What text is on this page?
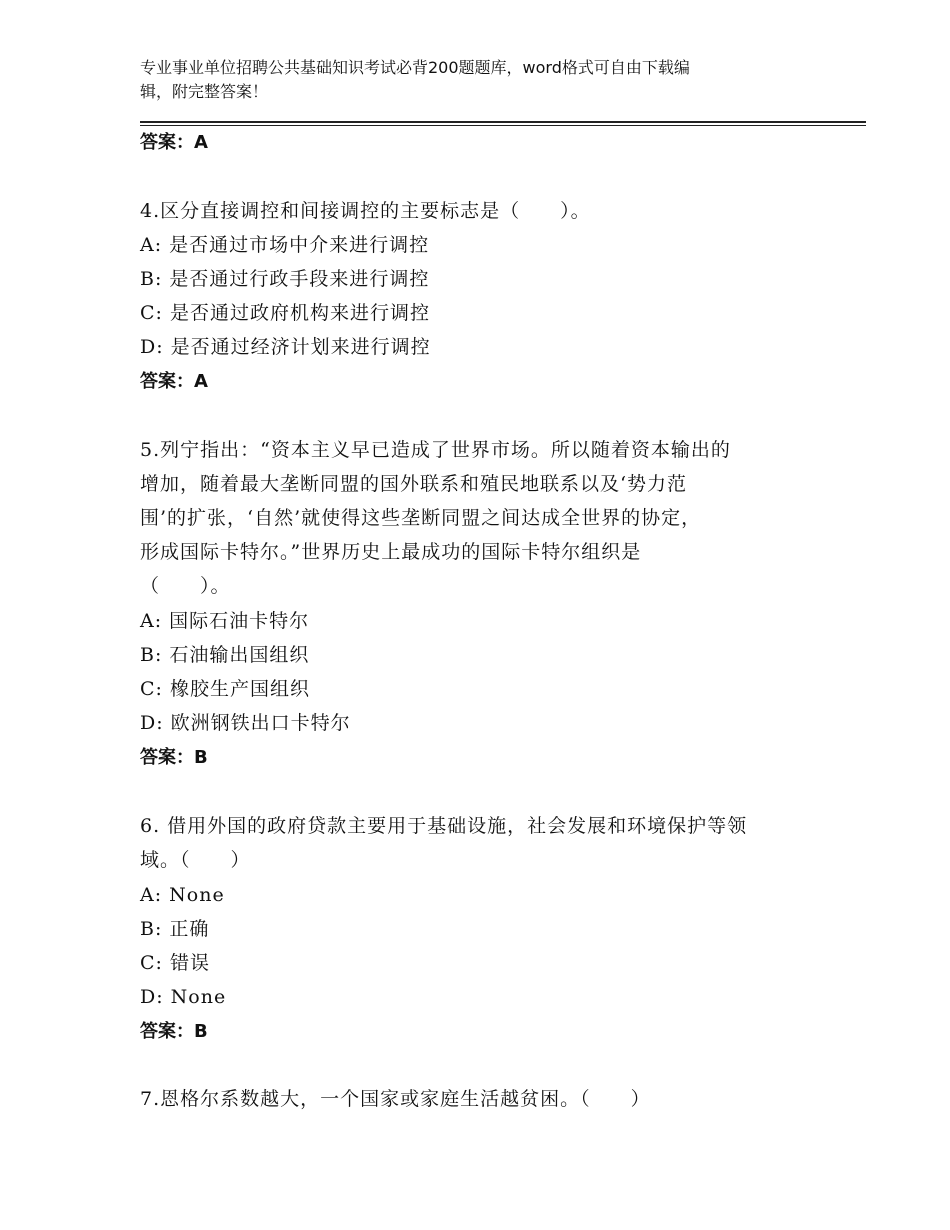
专业事业单位招聘公共基础知识考试必背200题题库，word格式可自由下载编
辑，附完整答案！
答案：A
4.区分直接调控和间接调控的主要标志是（　　）。
A: 是否通过市场中介来进行调控
B: 是否通过行政手段来进行调控
C: 是否通过政府机构来进行调控
D: 是否通过经济计划来进行调控
答案：A
5.列宁指出：“资本主义早已造成了世界市场。所以随着资本输出的
增加，随着最大垄断同盟的国外联系和殖民地联系以及‘势力范
围’的扩张，‘自然’就使得这些垄断同盟之间达成全世界的协定，
形成国际卡特尔。”世界历史上最成功的国际卡特尔组织是
（　　）。
A: 国际石油卡特尔
B: 石油输出国组织
C: 橡胶生产国组织
D: 欧洲钢铁出口卡特尔
答案：B
6. 借用外国的政府贷款主要用于基础设施，社会发展和环境保护等领
域。（　　）
A: None
B: 正确
C: 错误
D: None
答案：B
7.恩格尔系数越大，一个国家或家庭生活越贫困。（　　）
